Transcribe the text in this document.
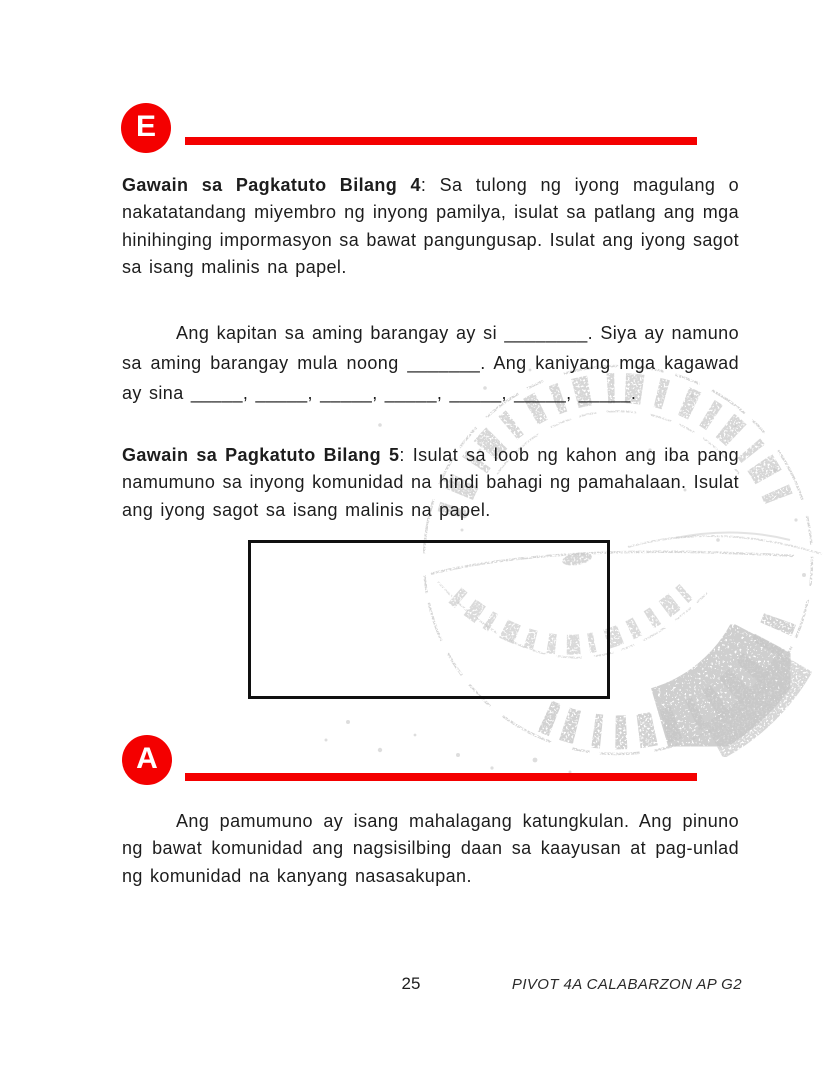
E

Gawain sa Pagkatuto Bilang 4: Sa tulong ng iyong magulang o nakatatandang miyembro ng inyong pamilya, isulat sa patlang ang mga hinihinging impormasyon sa bawat pangungusap. Isulat ang iyong sagot sa isang malinis na papel.

Ang kapitan sa aming barangay ay si ________. Siya ay namuno sa aming barangay mula noong _______. Ang kaniyang mga kagawad ay sina _____, _____, _____, _____, _____, _____, _____.

Gawain sa Pagkatuto Bilang 5: Isulat sa loob ng kahon ang iba pang namumuno sa inyong komunidad na hindi bahagi ng pamahalaan. Isulat ang iyong sagot sa isang malinis na papel.

A

Ang pamumuno ay isang mahalagang katungkulan. Ang pinuno ng bawat komunidad ang nagsisilbing daan sa kaayusan at pag-unlad ng komunidad na kanyang nasasakupan.

25	PIVOT 4A CALABARZON AP G2
